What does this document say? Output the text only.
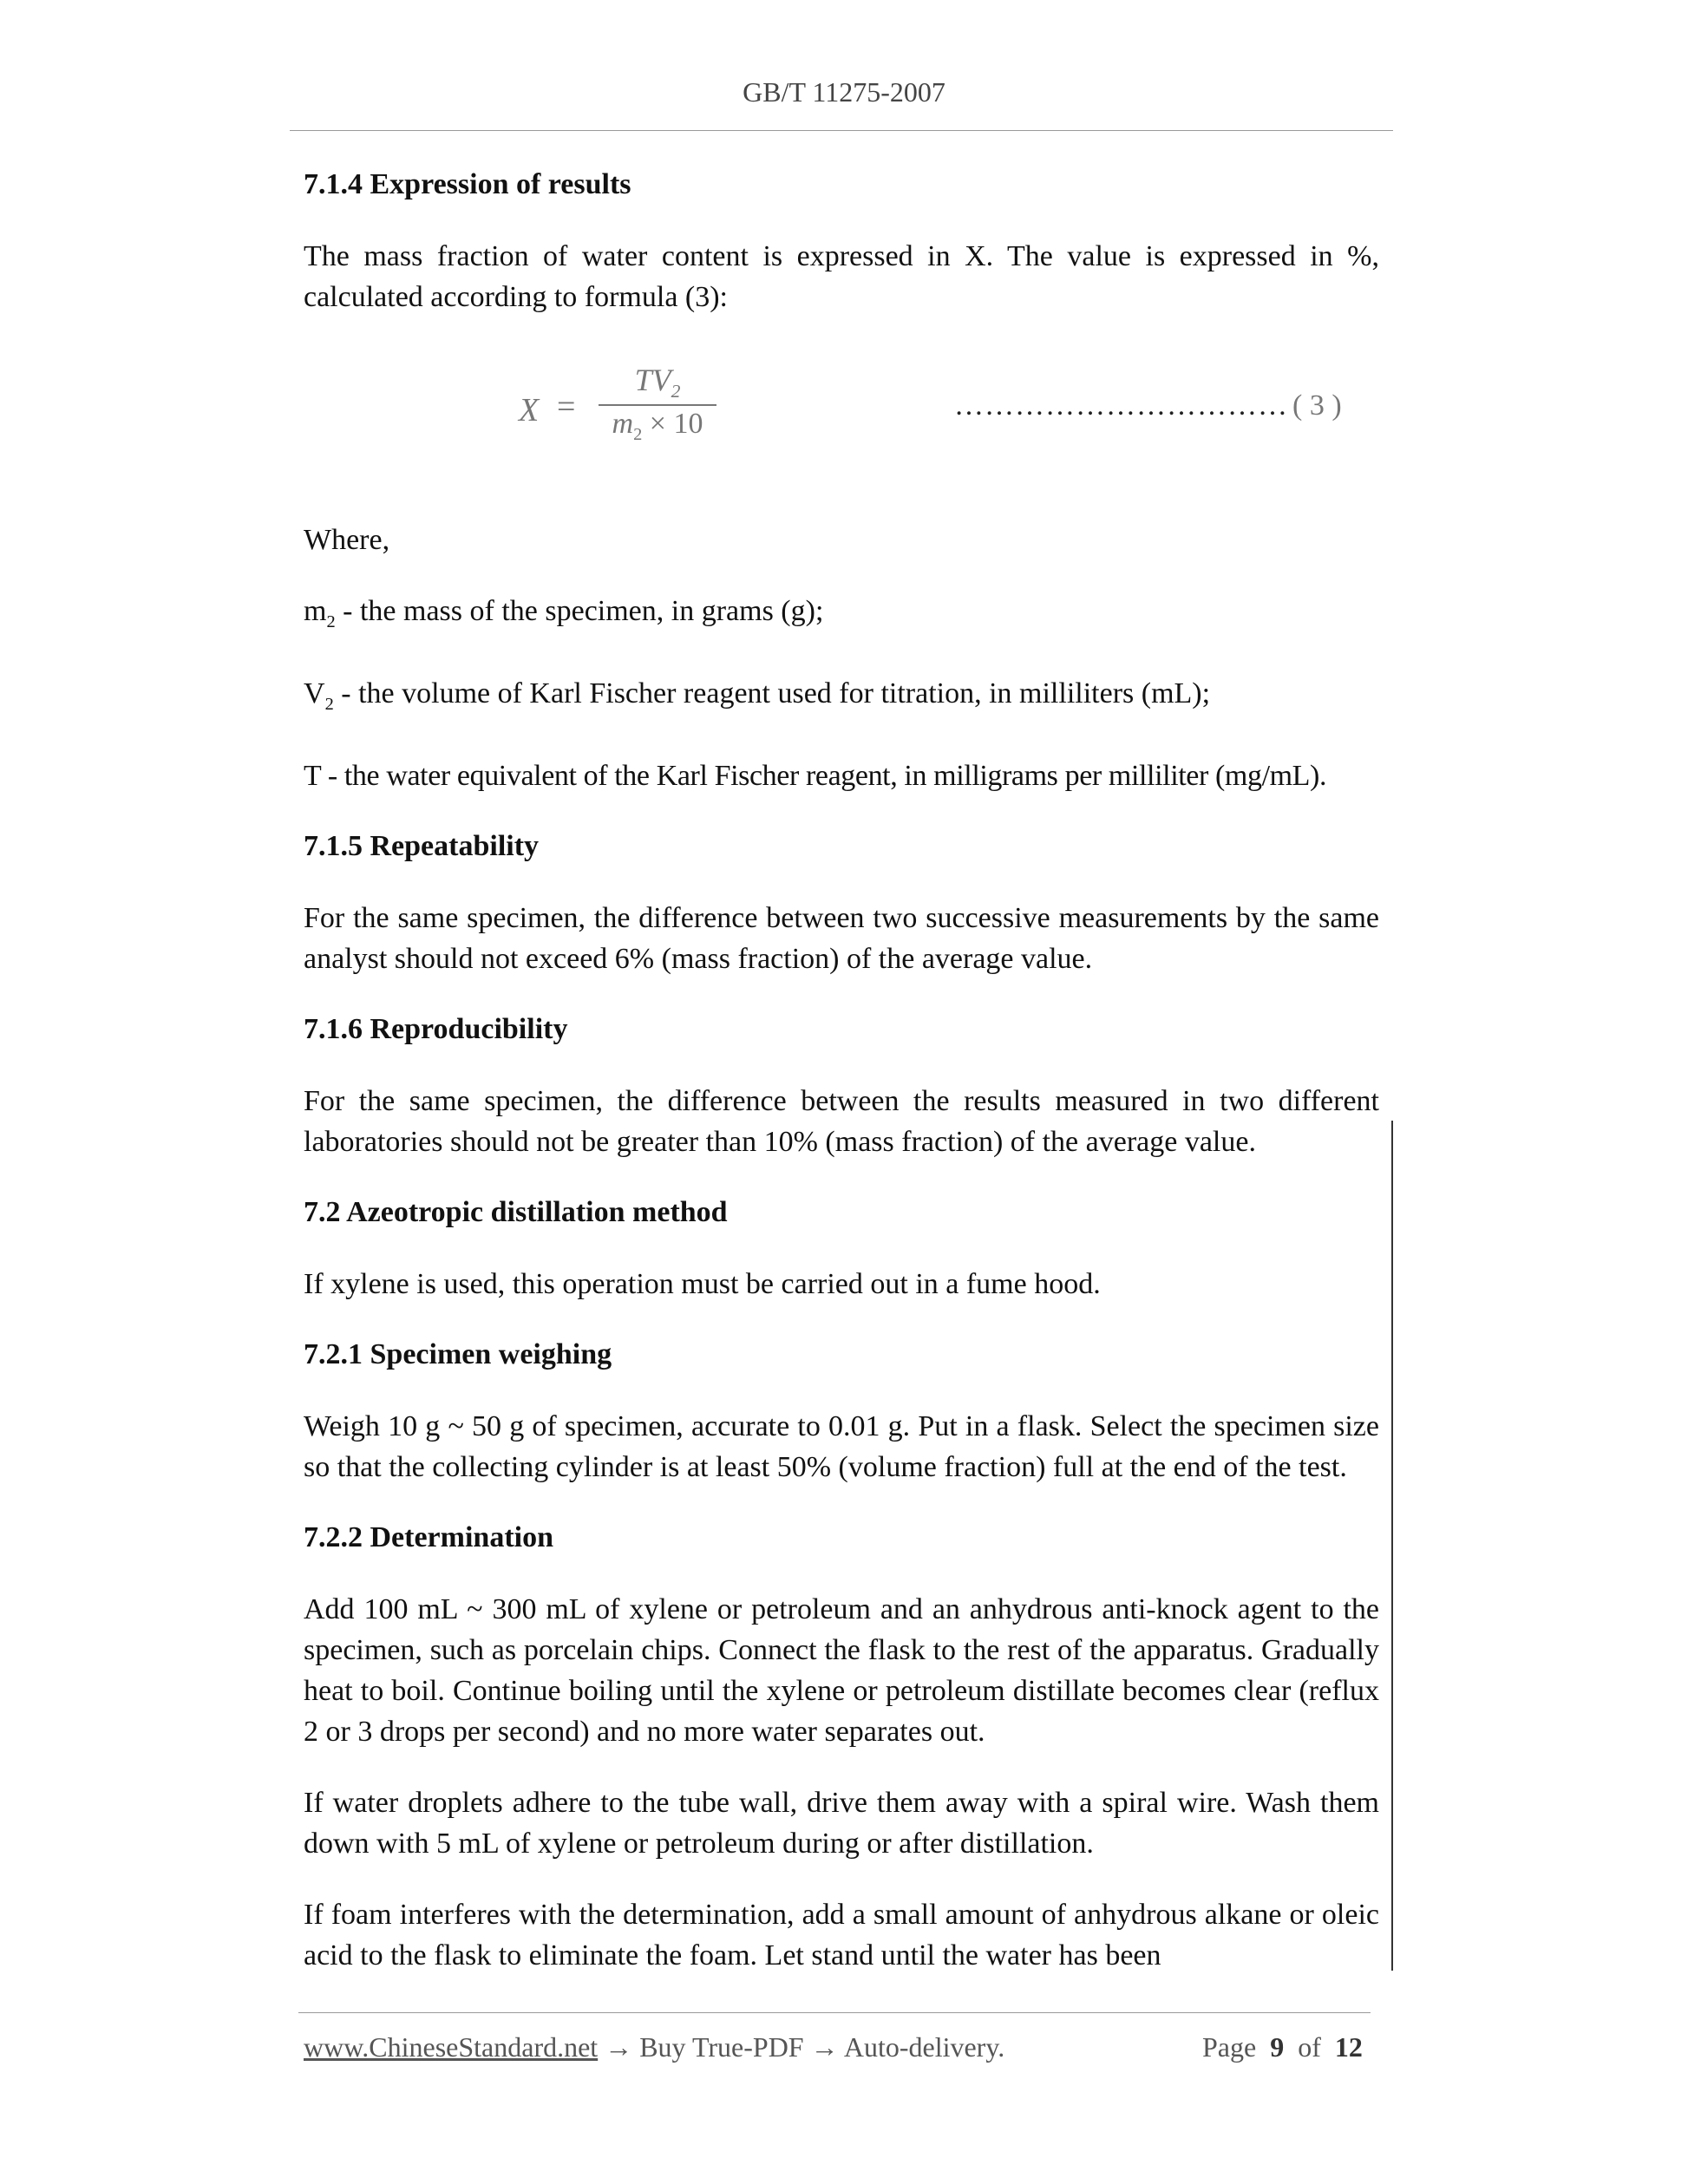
GB/T 11275-2007
7.1.4 Expression of results
The mass fraction of water content is expressed in X. The value is expressed in %, calculated according to formula (3):
$X = \frac{TV_2}{m_2 \times 10}$	…………………………… ( 3 )
Where,
$m_2$ - the mass of the specimen, in grams (g);
$V_2$ - the volume of Karl Fischer reagent used for titration, in milliliters (mL);
T - the water equivalent of the Karl Fischer reagent, in milligrams per milliliter (mg/mL).
7.1.5 Repeatability
For the same specimen, the difference between two successive measurements by the same analyst should not exceed 6% (mass fraction) of the average value.
7.1.6 Reproducibility
For the same specimen, the difference between the results measured in two different laboratories should not be greater than 10% (mass fraction) of the average value.
7.2 Azeotropic distillation method
If xylene is used, this operation must be carried out in a fume hood.
7.2.1 Specimen weighing
Weigh 10 g ~ 50 g of specimen, accurate to 0.01 g. Put in a flask. Select the specimen size so that the collecting cylinder is at least 50% (volume fraction) full at the end of the test.
7.2.2 Determination
Add 100 mL ~ 300 mL of xylene or petroleum and an anhydrous anti-knock agent to the specimen, such as porcelain chips. Connect the flask to the rest of the apparatus. Gradually heat to boil. Continue boiling until the xylene or petroleum distillate becomes clear (reflux 2 or 3 drops per second) and no more water separates out.
If water droplets adhere to the tube wall, drive them away with a spiral wire. Wash them down with 5 mL of xylene or petroleum during or after distillation.
If foam interferes with the determination, add a small amount of anhydrous alkane or oleic acid to the flask to eliminate the foam. Let stand until the water has been
www.ChineseStandard.net → Buy True-PDF → Auto-delivery.	Page 9 of 12
